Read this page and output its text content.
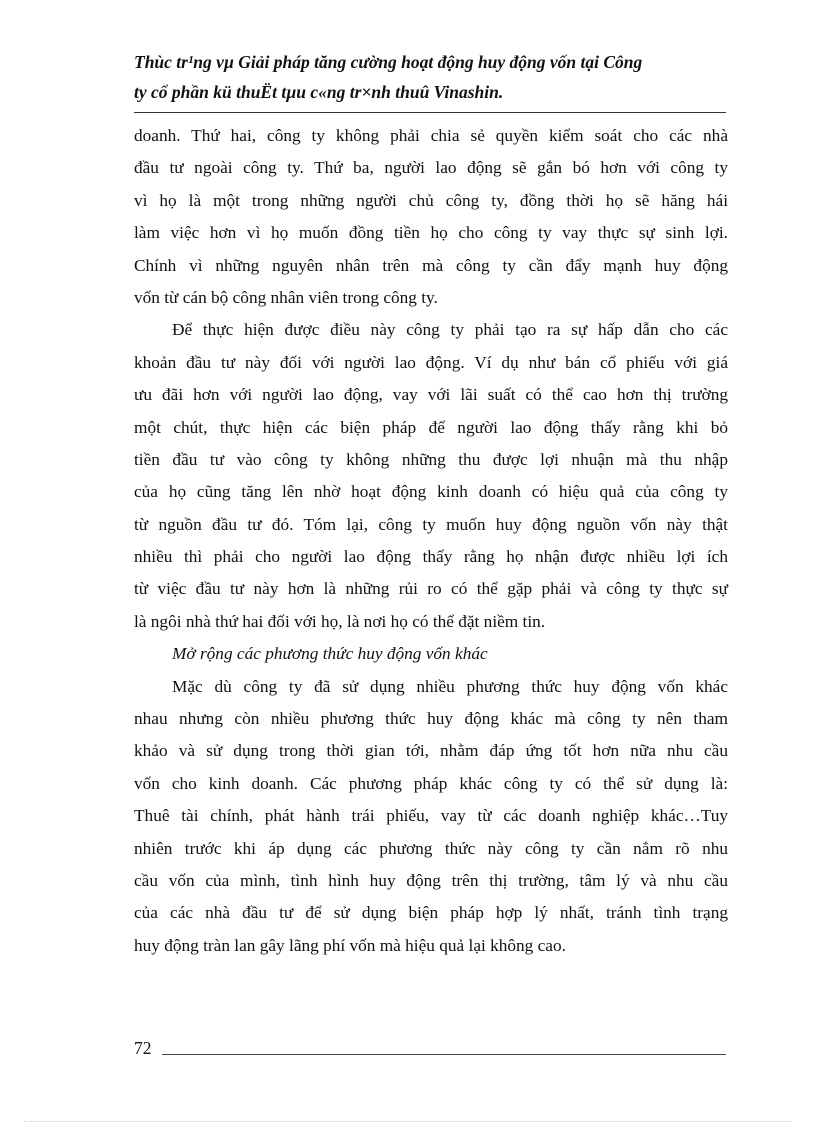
Thùc tr¹ng vµ Giải pháp tăng cường hoạt động huy động vốn tại Công
ty cổ phần kü thuËt tµu c«ng tr×nh thuû Vinashin.
doanh. Thứ hai, công ty không phải chia sẻ quyền kiểm soát cho các nhà
đầu tư ngoài công ty. Thứ ba, người lao động sẽ gắn bó hơn với công ty
vì họ là một trong những người chủ công ty, đồng thời họ sẽ hăng hái
làm việc hơn vì họ muốn đồng tiền họ cho công ty vay thực sự sinh lợi.
Chính vì những nguyên nhân trên mà công ty cần đẩy mạnh huy động
vốn từ cán bộ công nhân viên trong công ty.
Để thực hiện được điều này công ty phải tạo ra sự hấp dẫn cho các
khoản đầu tư này đối với người lao động. Ví dụ như bán cổ phiếu với giá
ưu đãi hơn với người lao động, vay với lãi suất có thể cao hơn thị trường
một chút, thực hiện các biện pháp để người lao động thấy rằng khi bỏ
tiền đầu tư vào công ty không những thu được lợi nhuận mà thu nhập
của họ cũng tăng lên nhờ hoạt động kinh doanh có hiệu quả của công ty
từ nguồn đầu tư đó. Tóm lại, công ty muốn huy động nguồn vốn này thật
nhiều thì phải cho người lao động thấy rằng họ nhận được nhiều lợi ích
từ việc đầu tư này hơn là những rủi ro có thể gặp phải và công ty thực sự
là ngôi nhà thứ hai đối với họ, là nơi họ có thể đặt niềm tin.
Mở rộng các phương thức huy động vốn khác
Mặc dù công ty đã sử dụng nhiều phương thức huy động vốn khác
nhau nhưng còn nhiều phương thức huy động khác mà công ty nên tham
khảo và sử dụng trong thời gian tới, nhằm đáp ứng tốt hơn nữa nhu cầu
vốn cho kinh doanh. Các phương pháp khác công ty có thể sử dụng là:
Thuê tài chính, phát hành trái phiếu, vay từ các doanh nghiệp khác…Tuy
nhiên trước khi áp dụng các phương thức này công ty cần nắm rõ nhu
cầu vốn của mình, tình hình huy động trên thị trường, tâm lý và nhu cầu
của các nhà đầu tư để sử dụng biện pháp hợp lý nhất, tránh tình trạng
huy động tràn lan gây lãng phí vốn mà hiệu quả lại không cao.
72
